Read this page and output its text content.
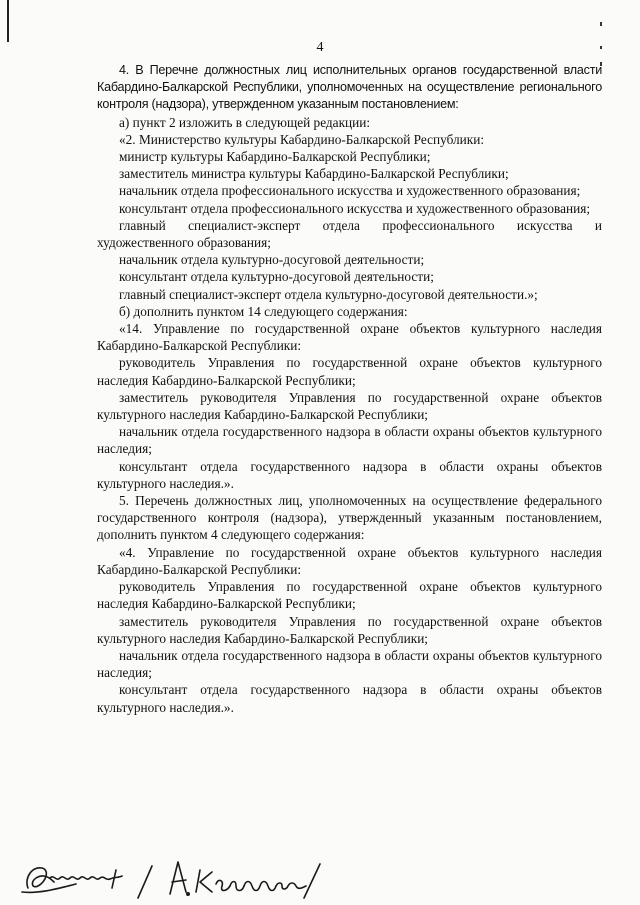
4

4. В Перечне должностных лиц исполнительных органов государственной власти Кабардино-Балкарской Республики, уполномоченных на осуществление регионального контроля (надзора), утвержденном указанным постановлением:

а) пункт 2 изложить в следующей редакции:

«2. Министерство культуры Кабардино-Балкарской Республики:

министр культуры Кабардино-Балкарской Республики;

заместитель министра культуры Кабардино-Балкарской Республики;

начальник отдела профессионального искусства и художественного образования;

консультант отдела профессионального искусства и художественного образования;

главный специалист-эксперт отдела профессионального искусства и художественного образования;

начальник отдела культурно-досуговой деятельности;

консультант отдела культурно-досуговой деятельности;

главный специалист-эксперт отдела культурно-досуговой деятельности.»;

б) дополнить пунктом 14 следующего содержания:

«14. Управление по государственной охране объектов культурного наследия Кабардино-Балкарской Республики:

руководитель Управления по государственной охране объектов культурного наследия Кабардино-Балкарской Республики;

заместитель руководителя Управления по государственной охране объектов культурного наследия Кабардино-Балкарской Республики;

начальник отдела государственного надзора в области охраны объектов культурного наследия;

консультант отдела государственного надзора в области охраны объектов культурного наследия.».

5. Перечень должностных лиц, уполномоченных на осуществление федерального государственного контроля (надзора), утвержденный указанным постановлением, дополнить пунктом 4 следующего содержания:

«4. Управление по государственной охране объектов культурного наследия Кабардино-Балкарской Республики:

руководитель Управления по государственной охране объектов культурного наследия Кабардино-Балкарской Республики;

заместитель руководителя Управления по государственной охране объектов культурного наследия Кабардино-Балкарской Республики;

начальник отдела государственного надзора в области охраны объектов культурного наследия;

консультант отдела государственного надзора в области охраны объектов культурного наследия.».
